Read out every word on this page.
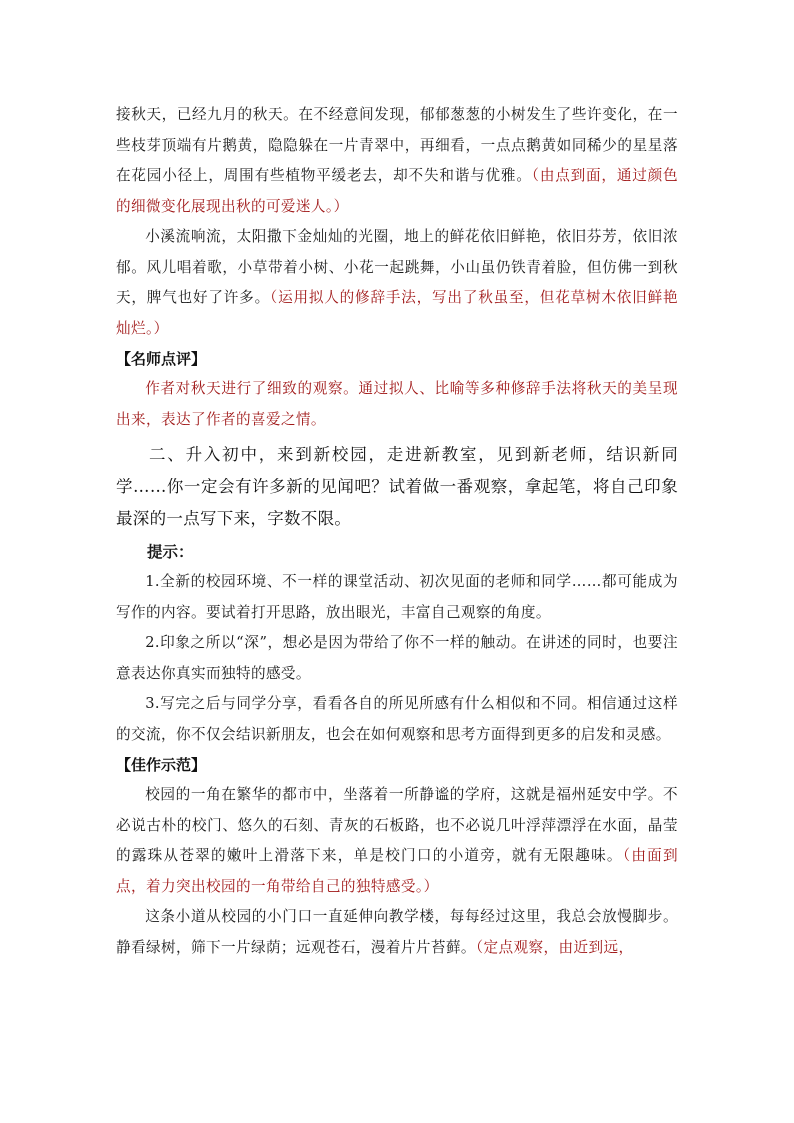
接秋天，已经九月的秋天。在不经意间发现，郁郁葱葱的小树发生了些许变化，在一些枝芽顶端有片鹅黄，隐隐躲在一片青翠中，再细看，一点点鹅黄如同稀少的星星落在花园小径上，周围有些植物平缓老去，却不失和谐与优雅。（由点到面，通过颜色的细微变化展现出秋的可爱迷人。）

小溪流响流，太阳撒下金灿灿的光圈，地上的鲜花依旧鲜艳，依旧芬芳，依旧浓郁。风儿唱着歌，小草带着小树、小花一起跳舞，小山虽仍铁青着脸，但仿佛一到秋天，脾气也好了许多。（运用拟人的修辞手法，写出了秋虽至，但花草树木依旧鲜艳灿烂。）

【名师点评】

作者对秋天进行了细致的观察。通过拟人、比喻等多种修辞手法将秋天的美呈现出来，表达了作者的喜爱之情。

二、升入初中，来到新校园，走进新教室，见到新老师，结识新同学……你一定会有许多新的见闻吧？试着做一番观察，拿起笔，将自己印象最深的一点写下来，字数不限。

提示：

1.全新的校园环境、不一样的课堂活动、初次见面的老师和同学……都可能成为写作的内容。要试着打开思路，放出眼光，丰富自己观察的角度。

2.印象之所以“深”，想必是因为带给了你不一样的触动。在讲述的同时，也要注意表达你真实而独特的感受。

3.写完之后与同学分享，看看各自的所见所感有什么相似和不同。相信通过这样的交流，你不仅会结识新朋友，也会在如何观察和思考方面得到更多的启发和灵感。

【佳作示范】

校园的一角在繁华的都市中，坐落着一所静谧的学府，这就是福州延安中学。不必说古朴的校门、悠久的石刻、青灰的石板路，也不必说几叶浮萍漂浮在水面，晶莹的露珠从苍翠的嫩叶上滑落下来，单是校门口的小道旁，就有无限趣味。（由面到点，着力突出校园的一角带给自己的独特感受。）

这条小道从校园的小门口一直延伸向教学楼，每每经过这里，我总会放慢脚步。静看绿树，筛下一片绿荫；远观苍石，漫着片片苔藓。（定点观察，由近到远，
